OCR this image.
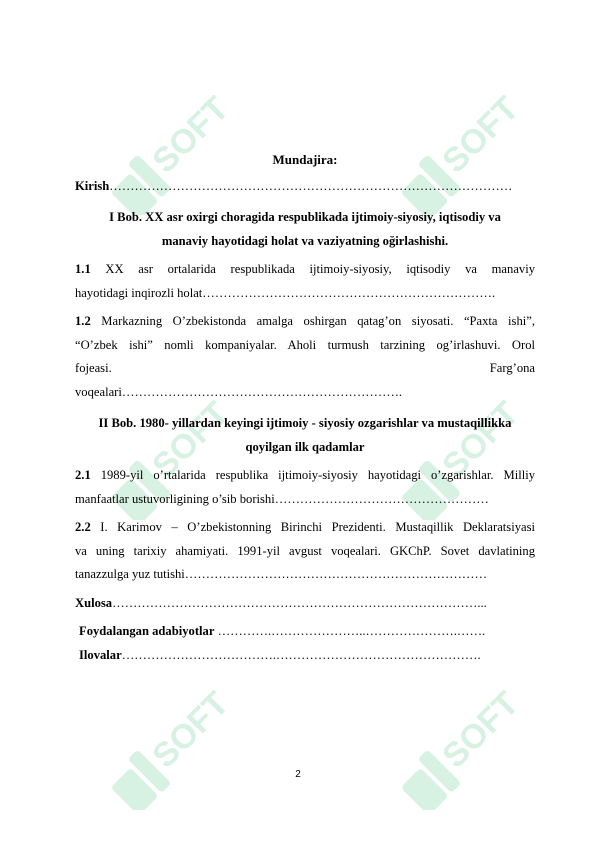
SOFT	SOFT
SOFT	SOFT
SOFT	SOFT
Mundajira:
Kirish……………………………………………………………………………………
I Bob. XX asr oxirgi choragida respublikada ijtimoiy-siyosiy, iqtisodiy va
manaviy hayotidagi holat va vaziyatning oğirlashishi.
1.1 XX asr ortalarida respublikada ijtimoiy-siyosiy, iqtisodiy va manaviy
hayotidagi inqirozli holat…………………………………………………………….
1.2 Markazning O’zbekistonda amalga oshirgan qatag’on siyosati. “Paxta ishi”,
“O’zbek ishi” nomli kompaniyalar. Aholi turmush tarzining og’irlashuvi. Orol
fojeasi.	Farg’ona
voqealari………………………………………………………….
II Bob. 1980- yillardan keyingi ijtimoiy - siyosiy ozgarishlar va mustaqillikka
qoyilgan ilk qadamlar
2.1 1989-yil o’rtalarida respublika ijtimoiy-siyosiy hayotidagi o’zgarishlar. Milliy
manfaatlar ustuvorligining o’sib borishi……………………………………………
2.2 I. Karimov – O’zbekistonning Birinchi Prezidenti. Mustaqillik Deklaratsiyasi
va uning tarixiy ahamiyati. 1991-yil avgust voqealari. GKChP. Sovet davlatining
tanazzulga yuz tutishi………………………………………………………………
Xulosa……………………………………………………………………………...
Foydalangan adabiyotlar ………….…………………..………………….…….
Ilovalar……………………………….………………………………………….
2
